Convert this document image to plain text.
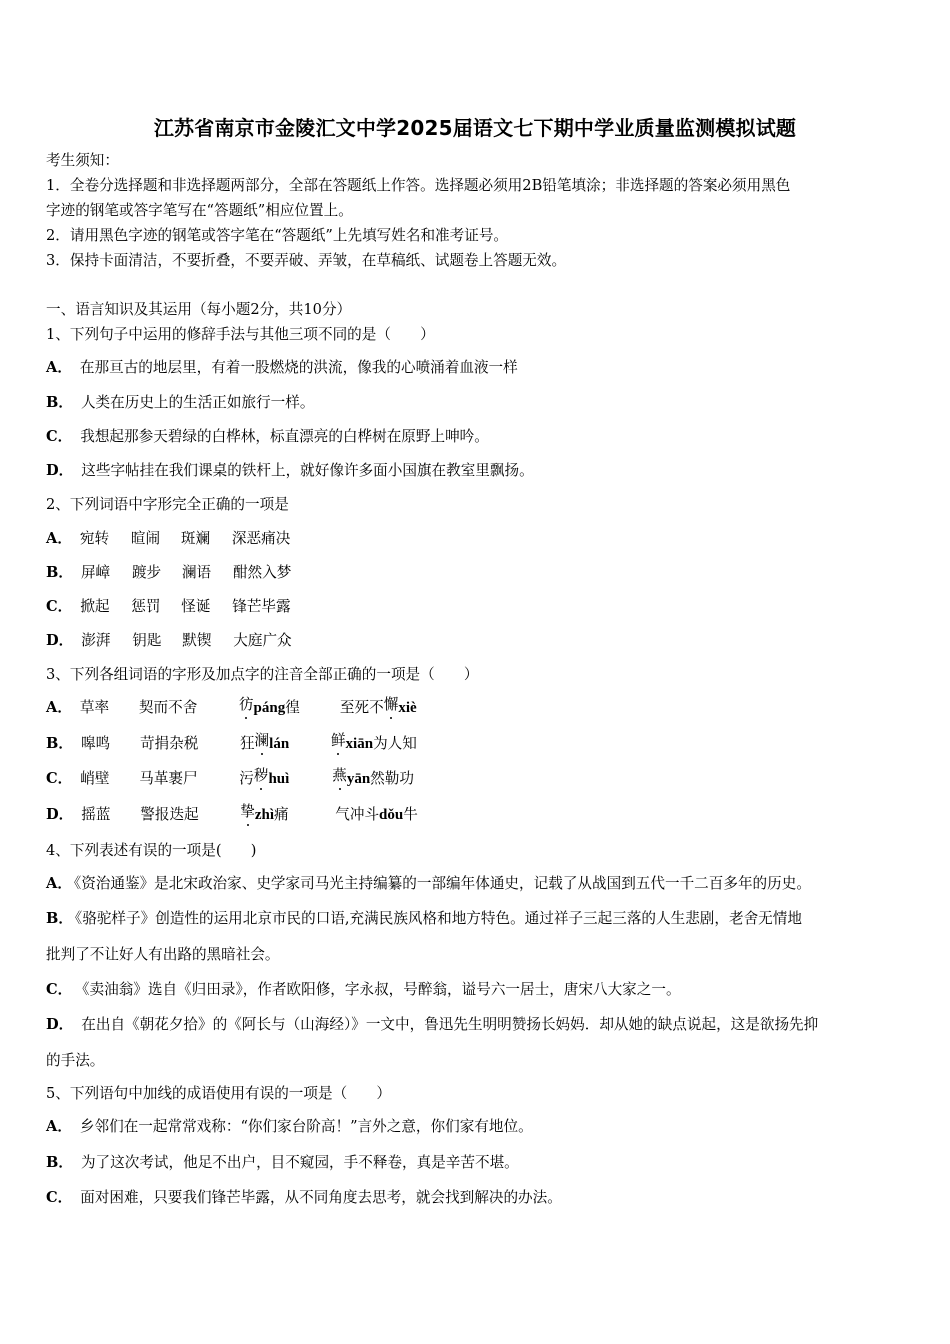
江苏省南京市金陵汇文中学2025届语文七下期中学业质量监测模拟试题
考生须知：
1．全卷分选择题和非选择题两部分，全部在答题纸上作答。选择题必须用2B铅笔填涂；非选择题的答案必须用黑色
字迹的钢笔或答字笔写在“答题纸”相应位置上。
2．请用黑色字迹的钢笔或答字笔在“答题纸”上先填写姓名和准考证号。
3．保持卡面清洁，不要折叠，不要弄破、弄皱，在草稿纸、试题卷上答题无效。
一、语言知识及其运用（每小题2分，共10分）
1、下列句子中运用的修辞手法与其他三项不同的是（　　）
A． 在那亘古的地层里，有着一股燃烧的洪流，像我的心喷涌着血液一样
B． 人类在历史上的生活正如旅行一样。
C． 我想起那参天碧绿的白桦林，标直漂亮的白桦树在原野上呻吟。
D． 这些字帖挂在我们课桌的铁杆上，就好像许多面小国旗在教室里飘扬。
2、下列词语中字形完全正确的一项是
A． 宛转 暄闹 斑斓 深恶痛决
B． 屏嶂 踱步 澜语 酣然入梦
C． 掀起 惩罚 怪诞 锋芒毕露
D． 澎湃 钥匙 默锲 大庭广众
3、下列各组词语的字形及加点字的注音全部正确的一项是（　　）
A． 草率 契而不舍	彷páng徨	至死不懈xiè
B． 嗥鸣 苛捐杂税	狂澜lán	鲜xiān为人知
C． 峭壁 马革裹尸	污秽huì	燕yān然勒功
D． 摇蓝 警报迭起	挚zhì痛	气冲斗dǒu牛
4、下列表述有误的一项是(　　)
A． 《资治通鉴》是北宋政治家、史学家司马光主持编纂的一部编年体通史，记载了从战国到五代一千二百多年的历史。
B． 《骆驼样子》创造性的运用北京市民的口语,充满民族风格和地方特色。通过祥子三起三落的人生悲剧，老舍无情地
批判了不让好人有出路的黑暗社会。
C． 《卖油翁》选自《归田录》，作者欧阳修，字永叔，号醉翁，谥号六一居士，唐宋八大家之一。
D． 在出自《朝花夕拾》的《阿长与（山海经）》一文中，鲁迅先生明明赞扬长妈妈．却从她的缺点说起，这是欲扬先抑
的手法。
5、下列语句中加线的成语使用有误的一项是（　　）
A． 乡邻们在一起常常戏称：“你们家台阶高！”言外之意，你们家有地位。
B． 为了这次考试，他足不出户，目不窥园，手不释卷，真是辛苦不堪。
C． 面对困难，只要我们锋芒毕露，从不同角度去思考，就会找到解决的办法。
